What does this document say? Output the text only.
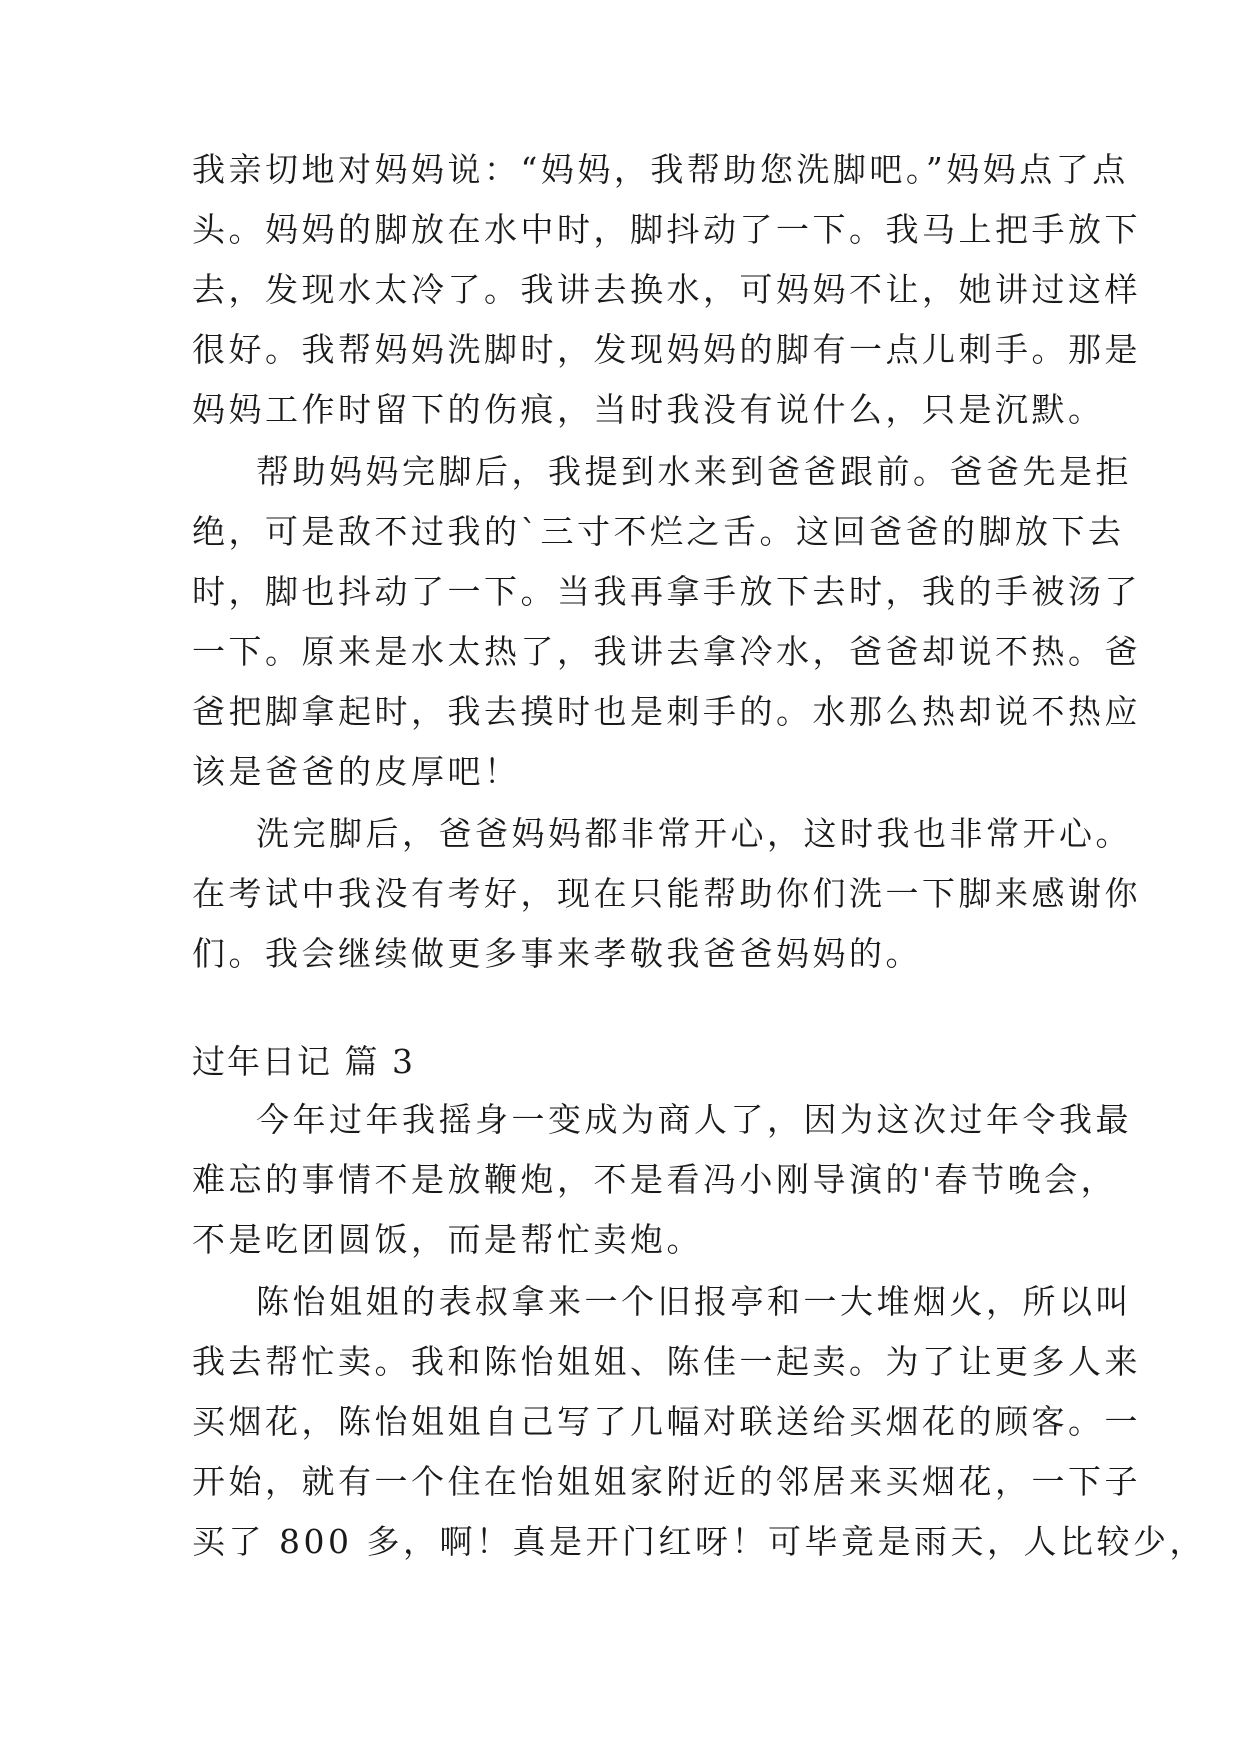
我亲切地对妈妈说：“妈妈，我帮助您洗脚吧。”妈妈点了点
头。妈妈的脚放在水中时，脚抖动了一下。我马上把手放下
去，发现水太冷了。我讲去换水，可妈妈不让，她讲过这样
很好。我帮妈妈洗脚时，发现妈妈的脚有一点儿刺手。那是
妈妈工作时留下的伤痕，当时我没有说什么，只是沉默。
帮助妈妈完脚后，我提到水来到爸爸跟前。爸爸先是拒
绝，可是敌不过我的`三寸不烂之舌。这回爸爸的脚放下去
时，脚也抖动了一下。当我再拿手放下去时，我的手被汤了
一下。原来是水太热了，我讲去拿冷水，爸爸却说不热。爸
爸把脚拿起时，我去摸时也是刺手的。水那么热却说不热应
该是爸爸的皮厚吧！
洗完脚后，爸爸妈妈都非常开心，这时我也非常开心。
在考试中我没有考好，现在只能帮助你们洗一下脚来感谢你
们。我会继续做更多事来孝敬我爸爸妈妈的。
过年日记 篇 3
今年过年我摇身一变成为商人了，因为这次过年令我最
难忘的事情不是放鞭炮，不是看冯小刚导演的'春节晚会，
不是吃团圆饭，而是帮忙卖炮。
陈怡姐姐的表叔拿来一个旧报亭和一大堆烟火，所以叫
我去帮忙卖。我和陈怡姐姐、陈佳一起卖。为了让更多人来
买烟花，陈怡姐姐自己写了几幅对联送给买烟花的顾客。一
开始，就有一个住在怡姐姐家附近的邻居来买烟花，一下子
买了 800 多，啊！真是开门红呀！可毕竟是雨天，人比较少，
